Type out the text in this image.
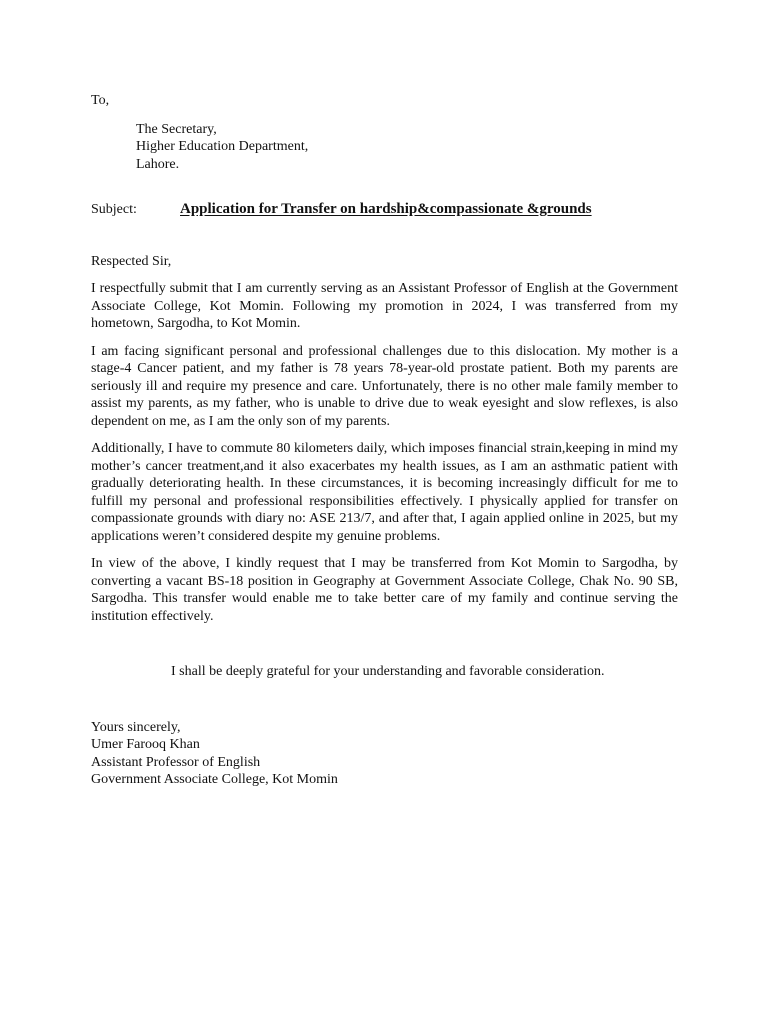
To,
The Secretary,
Higher Education Department,
Lahore.
Subject:	Application for Transfer on hardship&compassionate &grounds
Respected Sir,

I respectfully submit that I am currently serving as an Assistant Professor of English at the Government Associate College, Kot Momin. Following my promotion in 2024, I was transferred from my hometown, Sargodha, to Kot Momin.

I am facing significant personal and professional challenges due to this dislocation. My mother is a stage-4 Cancer patient, and my father is 78 years 78-year-old prostate patient. Both my parents are seriously ill and require my presence and care. Unfortunately, there is no other male family member to assist my parents, as my father, who is unable to drive due to weak eyesight and slow reflexes, is also dependent on me, as I am the only son of my parents.

Additionally, I have to commute 80 kilometers daily, which imposes financial strain,keeping in mind my mother’s cancer treatment,and it also exacerbates my health issues, as I am an asthmatic patient with gradually deteriorating health. In these circumstances, it is becoming increasingly difficult for me to fulfill my personal and professional responsibilities effectively. I physically applied for transfer on compassionate grounds with diary no: ASE 213/7, and after that, I again applied online in 2025, but my applications weren’t considered despite my genuine problems.

In view of the above, I kindly request that I may be transferred from Kot Momin to Sargodha, by converting a vacant BS-18 position in Geography at Government Associate College, Chak No. 90 SB, Sargodha. This transfer would enable me to take better care of my family and continue serving the institution effectively.

I shall be deeply grateful for your understanding and favorable consideration.
Yours sincerely,
Umer Farooq Khan
Assistant Professor of English
Government Associate College, Kot Momin
